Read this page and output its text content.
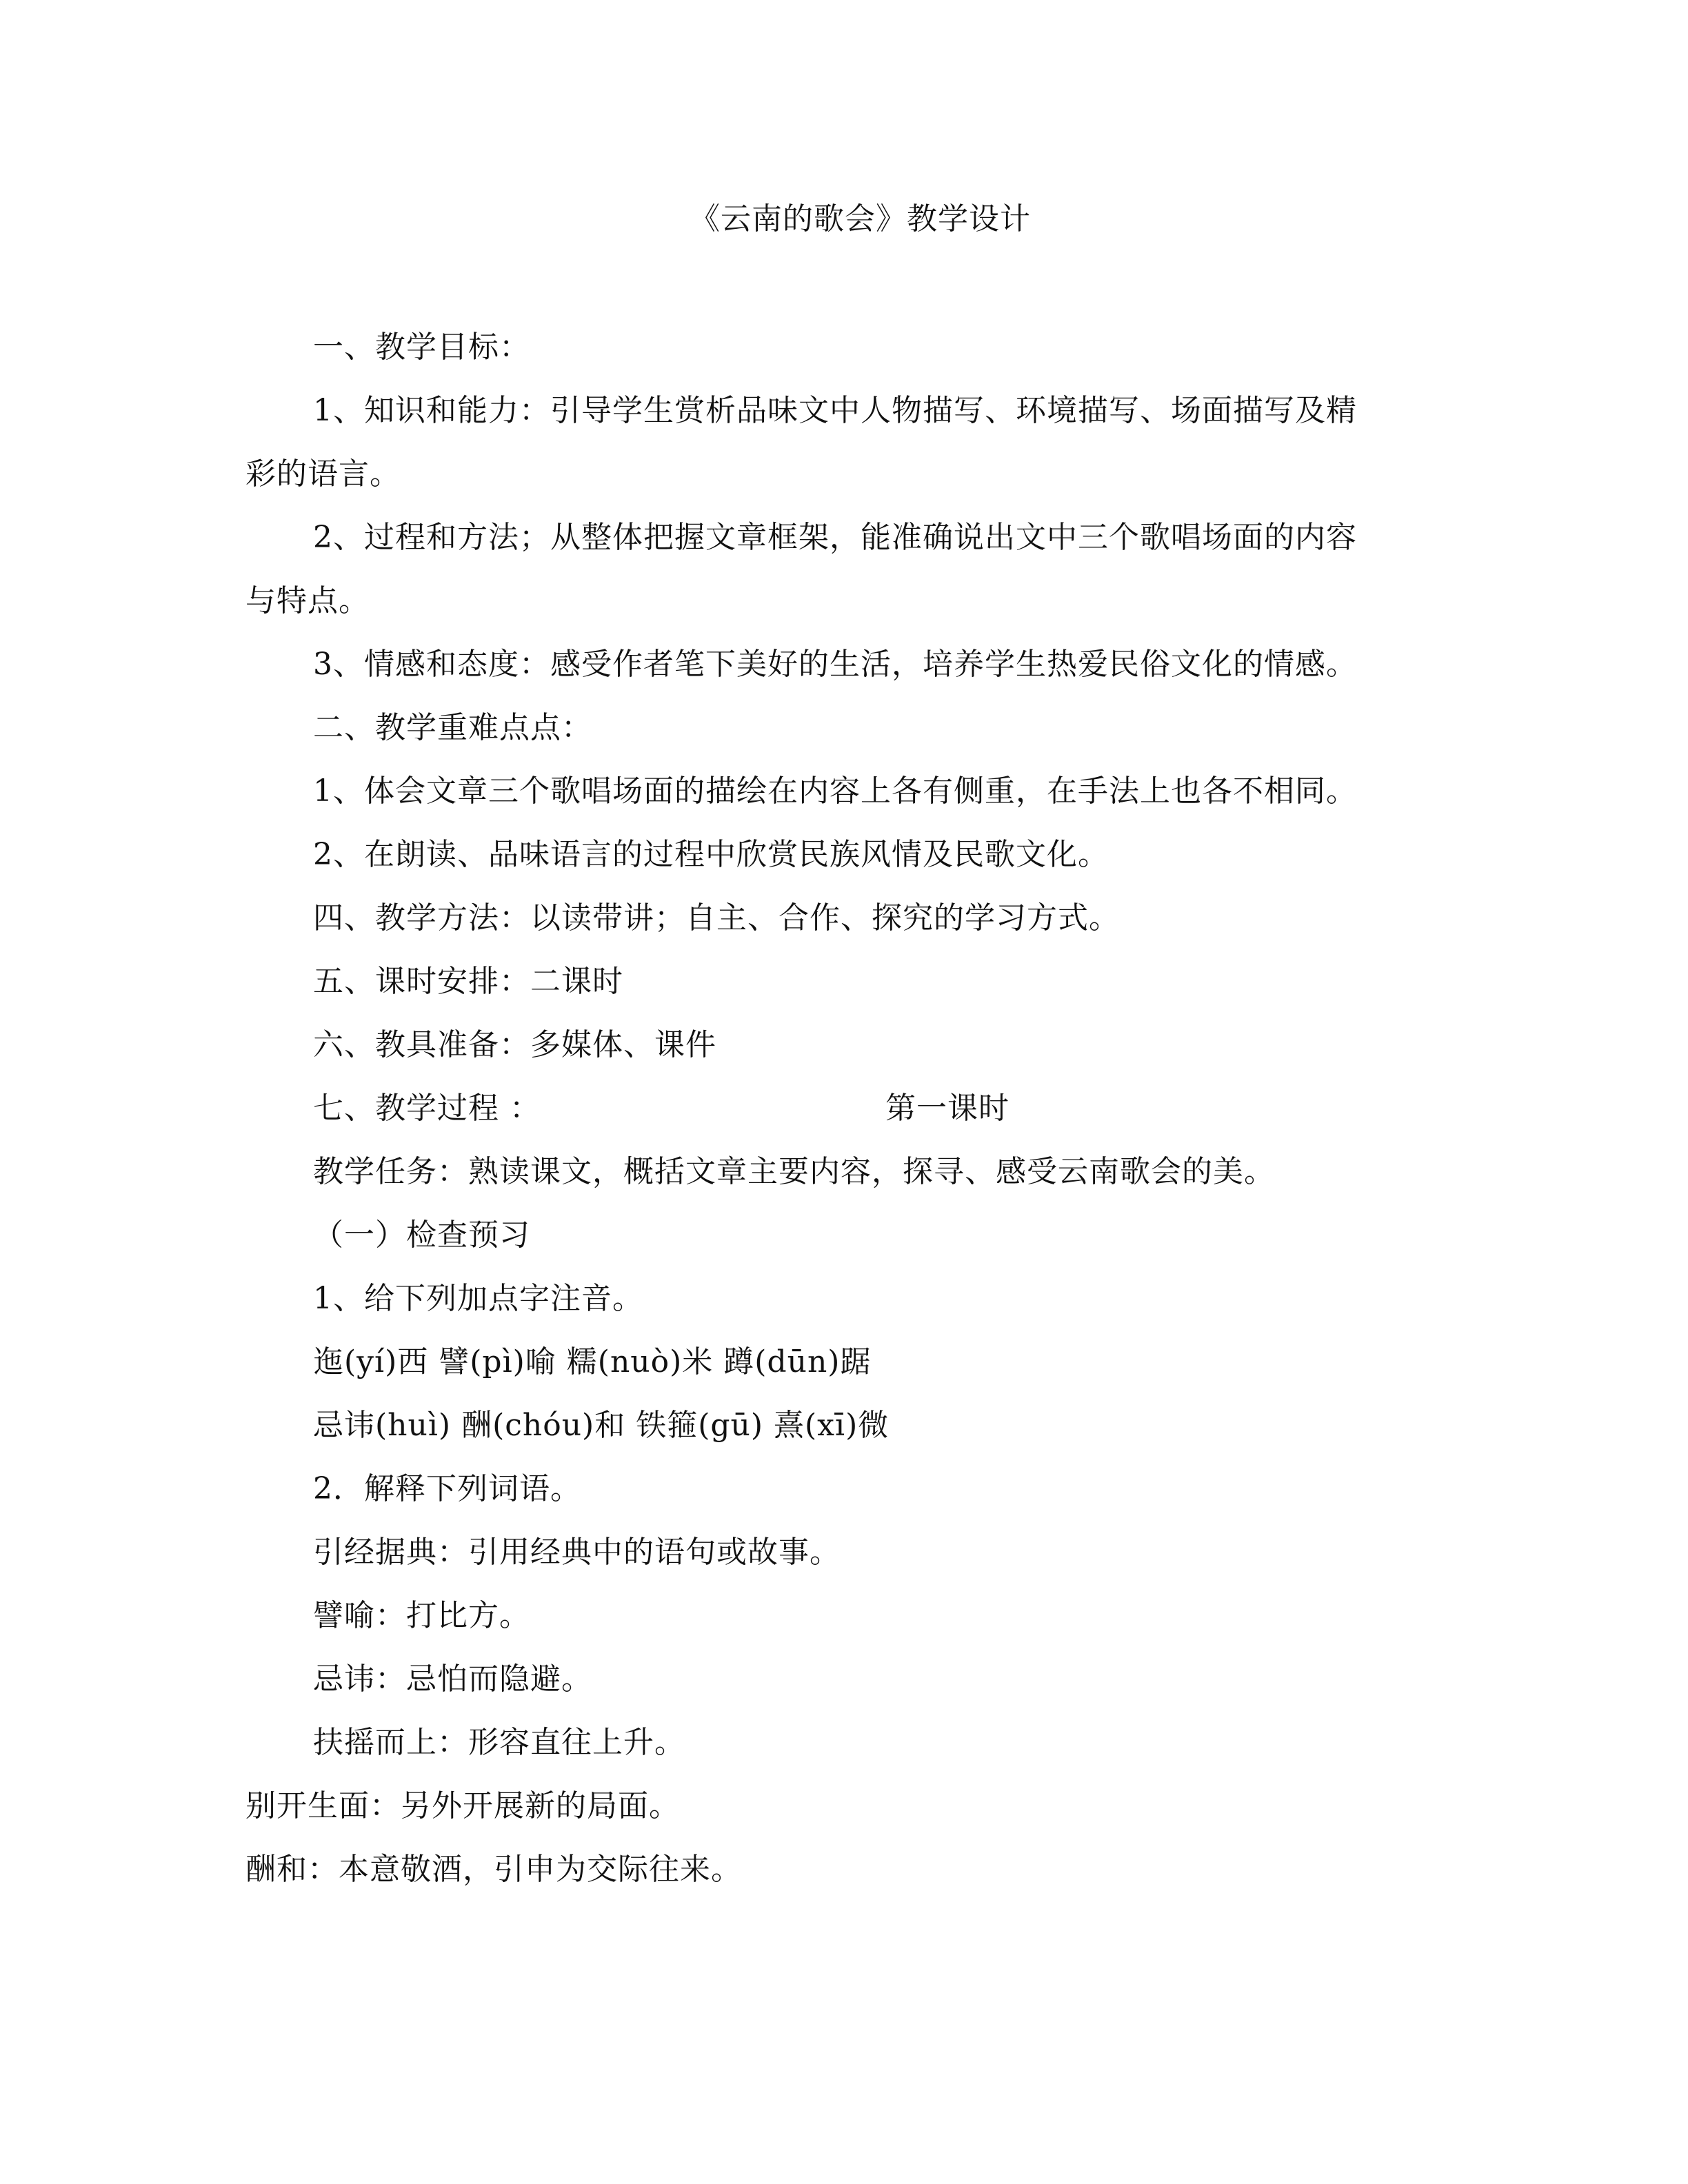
《云南的歌会》教学设计
一、教学目标：
1、知识和能力：引导学生赏析品味文中人物描写、环境描写、场面描写及精
彩的语言。
2、过程和方法；从整体把握文章框架，能准确说出文中三个歌唱场面的内容
与特点。
3、情感和态度：感受作者笔下美好的生活，培养学生热爱民俗文化的情感。
二、教学重难点点：
1、体会文章三个歌唱场面的描绘在内容上各有侧重，在手法上也各不相同。
2、在朗读、品味语言的过程中欣赏民族风情及民歌文化。
四、教学方法：以读带讲；自主、合作、探究的学习方式。
五、课时安排：二课时
六、教具准备：多媒体、课件
七、教学过程 ：	第一课时
教学任务：熟读课文，概括文章主要内容，探寻、感受云南歌会的美。
（一）检查预习
1、给下列加点字注音。
迤(yí)西 譬(pì)喻 糯(nuò)米 蹲(dūn)踞
忌讳(huì) 酬(chóu)和 铁箍(gū) 熹(xī)微
2．解释下列词语。
引经据典：引用经典中的语句或故事。
譬喻：打比方。
忌讳：忌怕而隐避。
扶摇而上：形容直往上升。
别开生面：另外开展新的局面。
酬和：本意敬酒，引申为交际往来。
